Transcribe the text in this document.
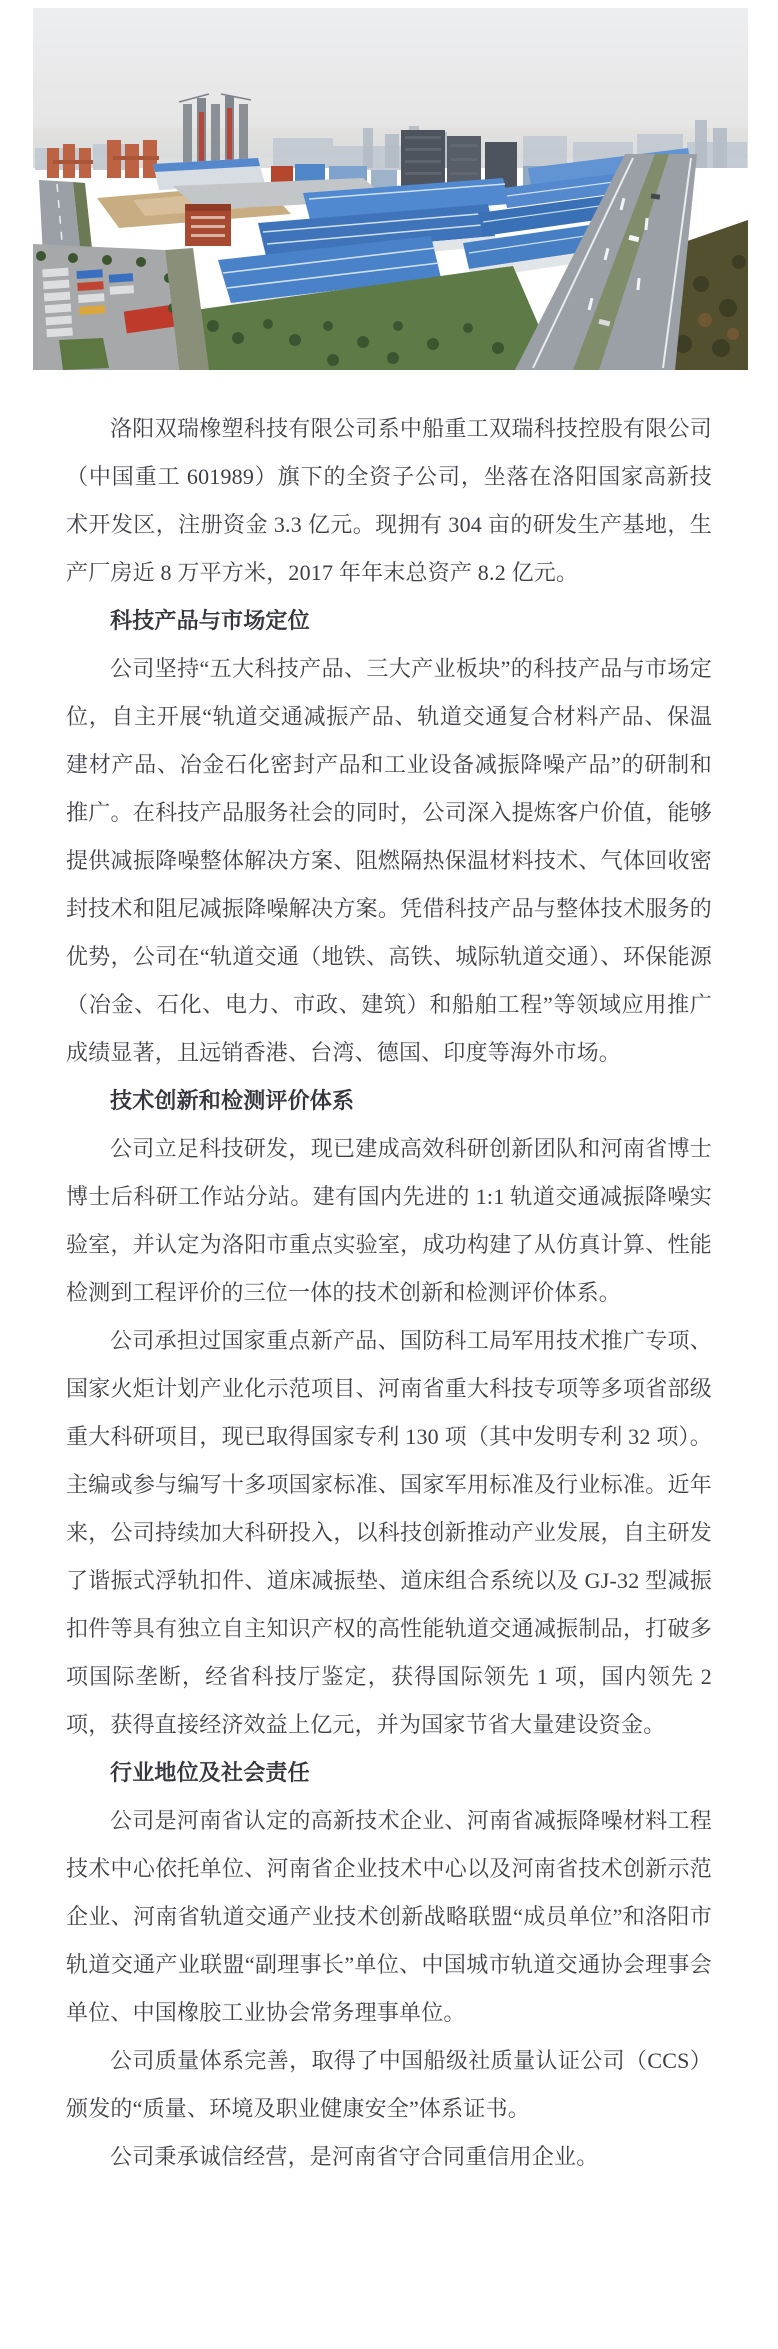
洛阳双瑞橡塑科技有限公司系中船重工双瑞科技控股有限公司（中国重工 601989）旗下的全资子公司，坐落在洛阳国家高新技术开发区，注册资金 3.3 亿元。现拥有 304 亩的研发生产基地，生产厂房近 8 万平方米，2017 年年末总资产 8.2 亿元。

科技产品与市场定位

公司坚持“五大科技产品、三大产业板块”的科技产品与市场定位，自主开展“轨道交通减振产品、轨道交通复合材料产品、保温建材产品、冶金石化密封产品和工业设备减振降噪产品”的研制和推广。在科技产品服务社会的同时，公司深入提炼客户价值，能够提供减振降噪整体解决方案、阻燃隔热保温材料技术、气体回收密封技术和阻尼减振降噪解决方案。凭借科技产品与整体技术服务的优势，公司在“轨道交通（地铁、高铁、城际轨道交通）、环保能源（冶金、石化、电力、市政、建筑）和船舶工程”等领域应用推广成绩显著，且远销香港、台湾、德国、印度等海外市场。

技术创新和检测评价体系

公司立足科技研发，现已建成高效科研创新团队和河南省博士博士后科研工作站分站。建有国内先进的 1:1 轨道交通减振降噪实验室，并认定为洛阳市重点实验室，成功构建了从仿真计算、性能检测到工程评价的三位一体的技术创新和检测评价体系。

公司承担过国家重点新产品、国防科工局军用技术推广专项、国家火炬计划产业化示范项目、河南省重大科技专项等多项省部级重大科研项目，现已取得国家专利 130 项（其中发明专利 32 项）。主编或参与编写十多项国家标准、国家军用标准及行业标准。近年来，公司持续加大科研投入，以科技创新推动产业发展，自主研发了谐振式浮轨扣件、道床减振垫、道床组合系统以及 GJ-32 型减振扣件等具有独立自主知识产权的高性能轨道交通减振制品，打破多项国际垄断，经省科技厅鉴定，获得国际领先 1 项，国内领先 2 项，获得直接经济效益上亿元，并为国家节省大量建设资金。

行业地位及社会责任

公司是河南省认定的高新技术企业、河南省减振降噪材料工程技术中心依托单位、河南省企业技术中心以及河南省技术创新示范企业、河南省轨道交通产业技术创新战略联盟“成员单位”和洛阳市轨道交通产业联盟“副理事长”单位、中国城市轨道交通协会理事会单位、中国橡胶工业协会常务理事单位。

公司质量体系完善，取得了中国船级社质量认证公司（CCS）颁发的“质量、环境及职业健康安全”体系证书。

公司秉承诚信经营，是河南省守合同重信用企业。
